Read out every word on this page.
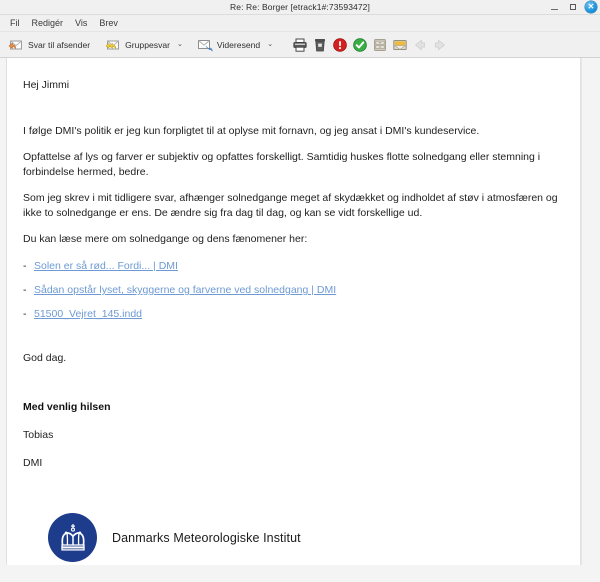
Re: Re: Borger [etrack1#:73593472]	✕
Fil	Redigér	Vis	Brev
Svar til afsender	Gruppesvar	⌄	Videresend	⌄

Hej Jimmi

I følge DMI's politik er jeg kun forpligtet til at oplyse mit fornavn, og jeg ansat i DMI's kundeservice.

Opfattelse af lys og farver er subjektiv og opfattes forskelligt. Samtidig huskes flotte solnedgang eller stemning i forbindelse hermed, bedre.

Som jeg skrev i mit tidligere svar, afhænger solnedgange meget af skydækket og indholdet af støv i atmosfæren og ikke to solnedgange er ens. De ændre sig fra dag til dag, og kan se vidt forskellige ud.

Du kan læse mere om solnedgange og dens fænomener her:

- Solen er så rød... Fordi... | DMI
- Sådan opstår lyset, skyggerne og farverne ved solnedgang | DMI
- 51500_Vejret_145.indd

God dag.

Med venlig hilsen

Tobias

DMI

Danmarks Meteorologiske Institut
